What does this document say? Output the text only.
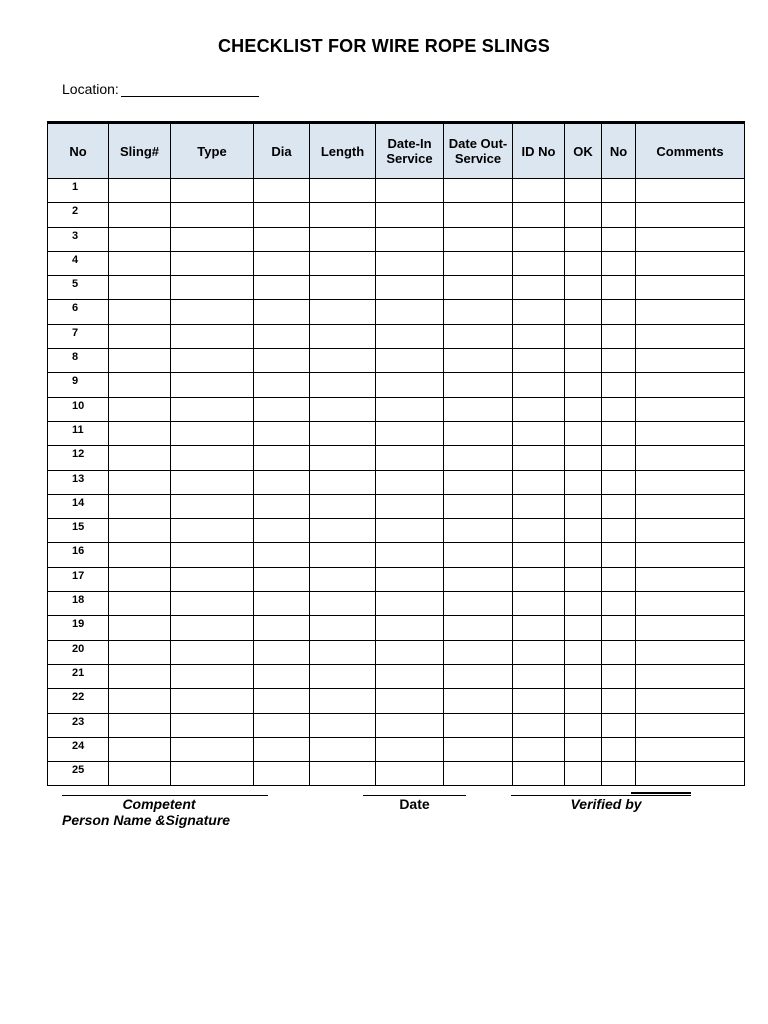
CHECKLIST FOR WIRE ROPE SLINGS
Location:
No	Sling#	Type	Dia	Length	Date-In Service	Date Out-Service	ID No	OK	No	Comments
1										
2										
3										
4										
5										
6										
7										
8										
9										
10										
11										
12										
13										
14										
15										
16										
17										
18										
19										
20										
21										
22										
23										
24										
25										
Competent
Person Name &Signature
Date	Verified by
